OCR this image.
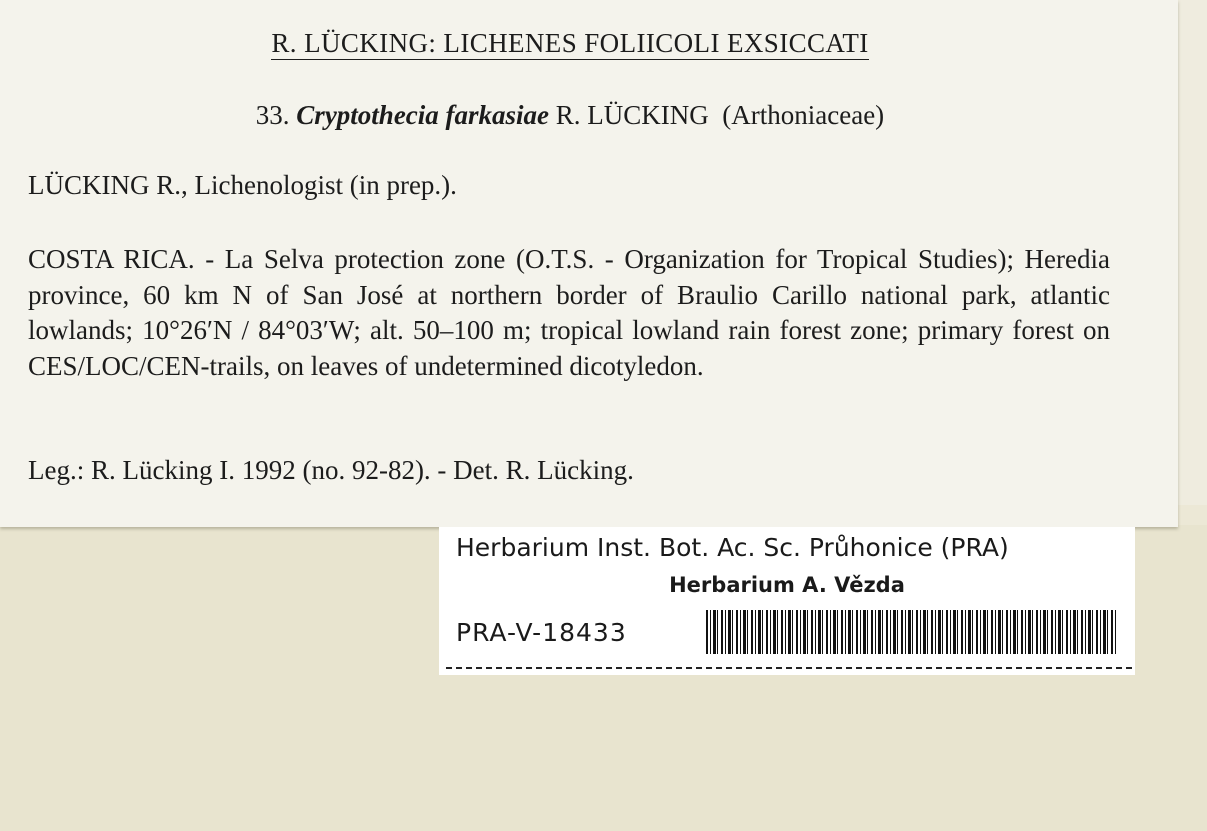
R. LÜCKING: LICHENES FOLIICOLI EXSICCATI
33. Cryptothecia farkasiae R. LÜCKING (Arthoniaceae)
LÜCKING R., Lichenologist (in prep.).
COSTA RICA. - La Selva protection zone (O.T.S. - Organization for Tropical Studies); Heredia province, 60 km N of San José at northern border of Braulio Carillo national park, atlantic lowlands; 10°26′N / 84°03′W; alt. 50–100 m; tropical lowland rain forest zone; primary forest on CES/LOC/CEN-trails, on leaves of undetermined dicotyledon.
Leg.: R. Lücking I. 1992 (no. 92-82). - Det. R. Lücking.
Herbarium Inst. Bot. Ac. Sc. Průhonice (PRA)
Herbarium A. Vězda
PRA-V-18433
